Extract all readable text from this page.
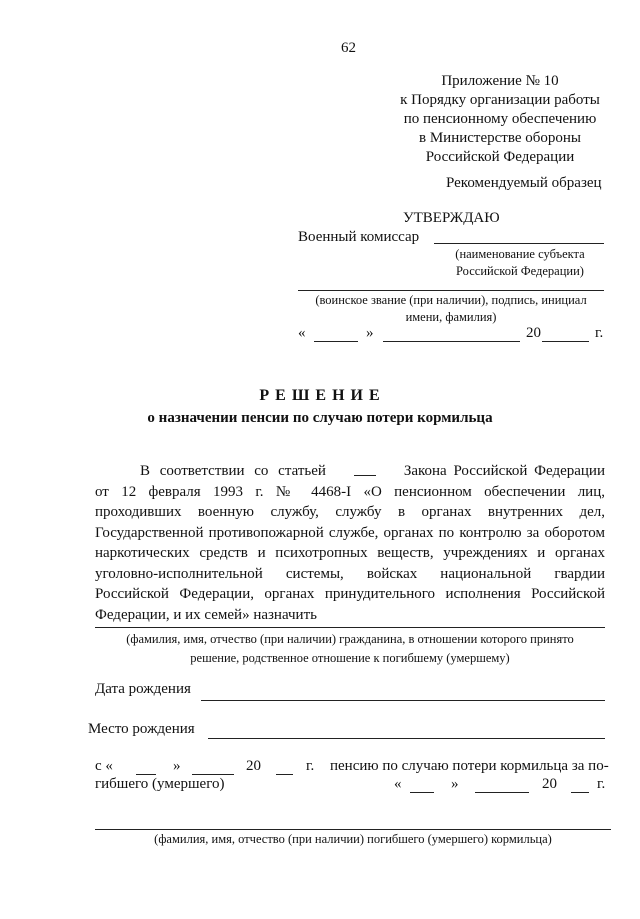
62
Приложение № 10
к Порядку организации работы
по пенсионному обеспечению
в Министерстве обороны
Российской Федерации
Рекомендуемый образец
УТВЕРЖДАЮ
Военный комиссар
(наименование субъекта
Российской Федерации)
(воинское звание (при наличии), подпись, инициал
имени, фамилия)
«	»	20	г.
Р Е Ш Е Н И Е
о назначении пенсии по случаю потери кормильца
В соответствии со статьей	Закона Российской Федерации
от 12 февраля 1993 г. № 4468-I «О пенсионном обеспечении лиц,
проходивших военную службу, службу в органах внутренних дел,
Государственной противопожарной службе, органах по контролю за оборотом
наркотических средств и психотропных веществ, учреждениях и органах
уголовно-исполнительной системы, войсках национальной гвардии
Российской Федерации, органах принудительного исполнения Российской
Федерации, и их семей» назначить
(фамилия, имя, отчество (при наличии) гражданина, в отношении которого принято
решение, родственное отношение к погибшему (умершему)
Дата рождения
Место рождения
с «	»	20	г. пенсию по случаю потери кормильца за по-
гибшего (умершего)	«	»	20	г.
(фамилия, имя, отчество (при наличии) погибшего (умершего) кормильца)
